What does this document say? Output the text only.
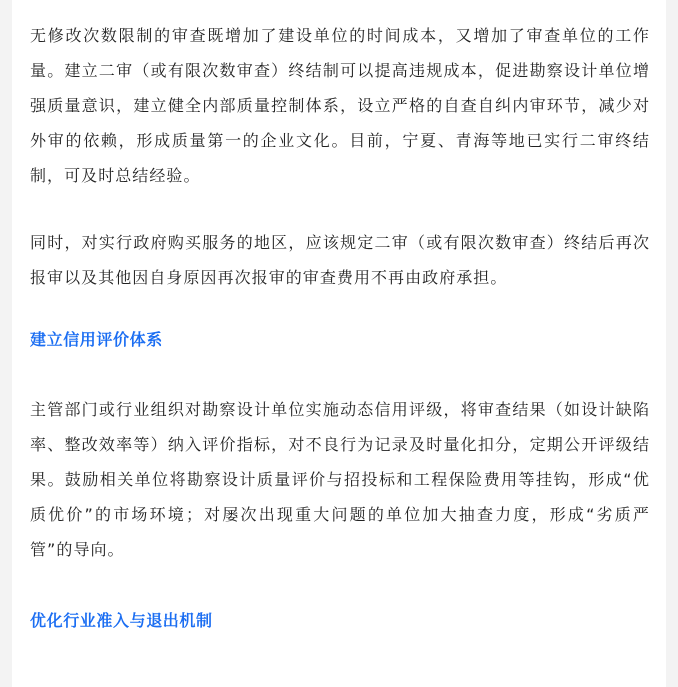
无修改次数限制的审查既增加了建设单位的时间成本，又增加了审查单位的工作量。建立二审（或有限次数审查）终结制可以提高违规成本，促进勘察设计单位增强质量意识，建立健全内部质量控制体系，设立严格的自查自纠内审环节，减少对外审的依赖，形成质量第一的企业文化。目前，宁夏、青海等地已实行二审终结制，可及时总结经验。

同时，对实行政府购买服务的地区，应该规定二审（或有限次数审查）终结后再次报审以及其他因自身原因再次报审的审查费用不再由政府承担。

建立信用评价体系

主管部门或行业组织对勘察设计单位实施动态信用评级，将审查结果（如设计缺陷率、整改效率等）纳入评价指标，对不良行为记录及时量化扣分，定期公开评级结果。鼓励相关单位将勘察设计质量评价与招投标和工程保险费用等挂钩，形成“优质优价”的市场环境；对屡次出现重大问题的单位加大抽查力度，形成“劣质严管”的导向。

优化行业准入与退出机制
